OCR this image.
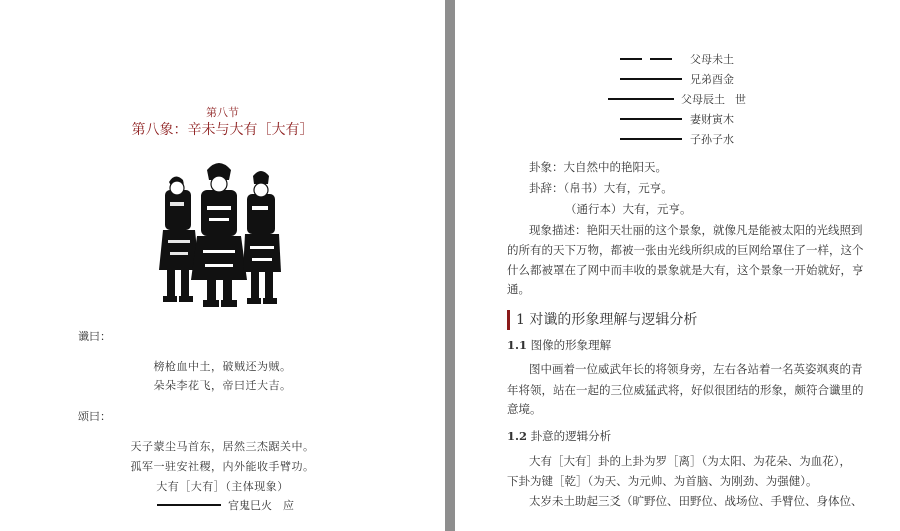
第八节
第八象：辛未与大有［大有］
谶曰：
榜枪血中土，破贼还为贼。
朵朵李花飞，帝曰迁大吉。
颂曰：
天子蒙尘马首东，居然三杰踞关中。
孤军一驻安社稷，内外能收手臂功。
大有［大有］（主体现象）
官鬼巳火　应
父母未土
兄弟酉金
父母辰土 世
妻财寅木
子孙子水
卦象：大自然中的艳阳天。
卦辞：（帛书）大有，元亨。
（通行本）大有，元亨。
现象描述：艳阳天壮丽的这个景象，就像凡是能被太阳的光线照到
的所有的天下万物，都被一张由光线所织成的巨网给罩住了一样，这个
什么都被罩在了网中而丰收的景象就是大有，这个景象一开始就好，亨
通。
1 对谶的形象理解与逻辑分析
1.1 图像的形象理解
图中画着一位威武年长的将领身旁，左右各站着一名英姿飒爽的青
年将领，站在一起的三位威猛武将，好似很团结的形象，颇符合谶里的
意境。
1.2 卦意的逻辑分析
大有［大有］卦的上卦为罗［离］（为太阳、为花朵、为血花），
下卦为键［乾］（为天、为元帅、为首脑、为刚劲、为强健）。
太岁未土助起三爻（旷野位、田野位、战场位、手臂位、身体位、
